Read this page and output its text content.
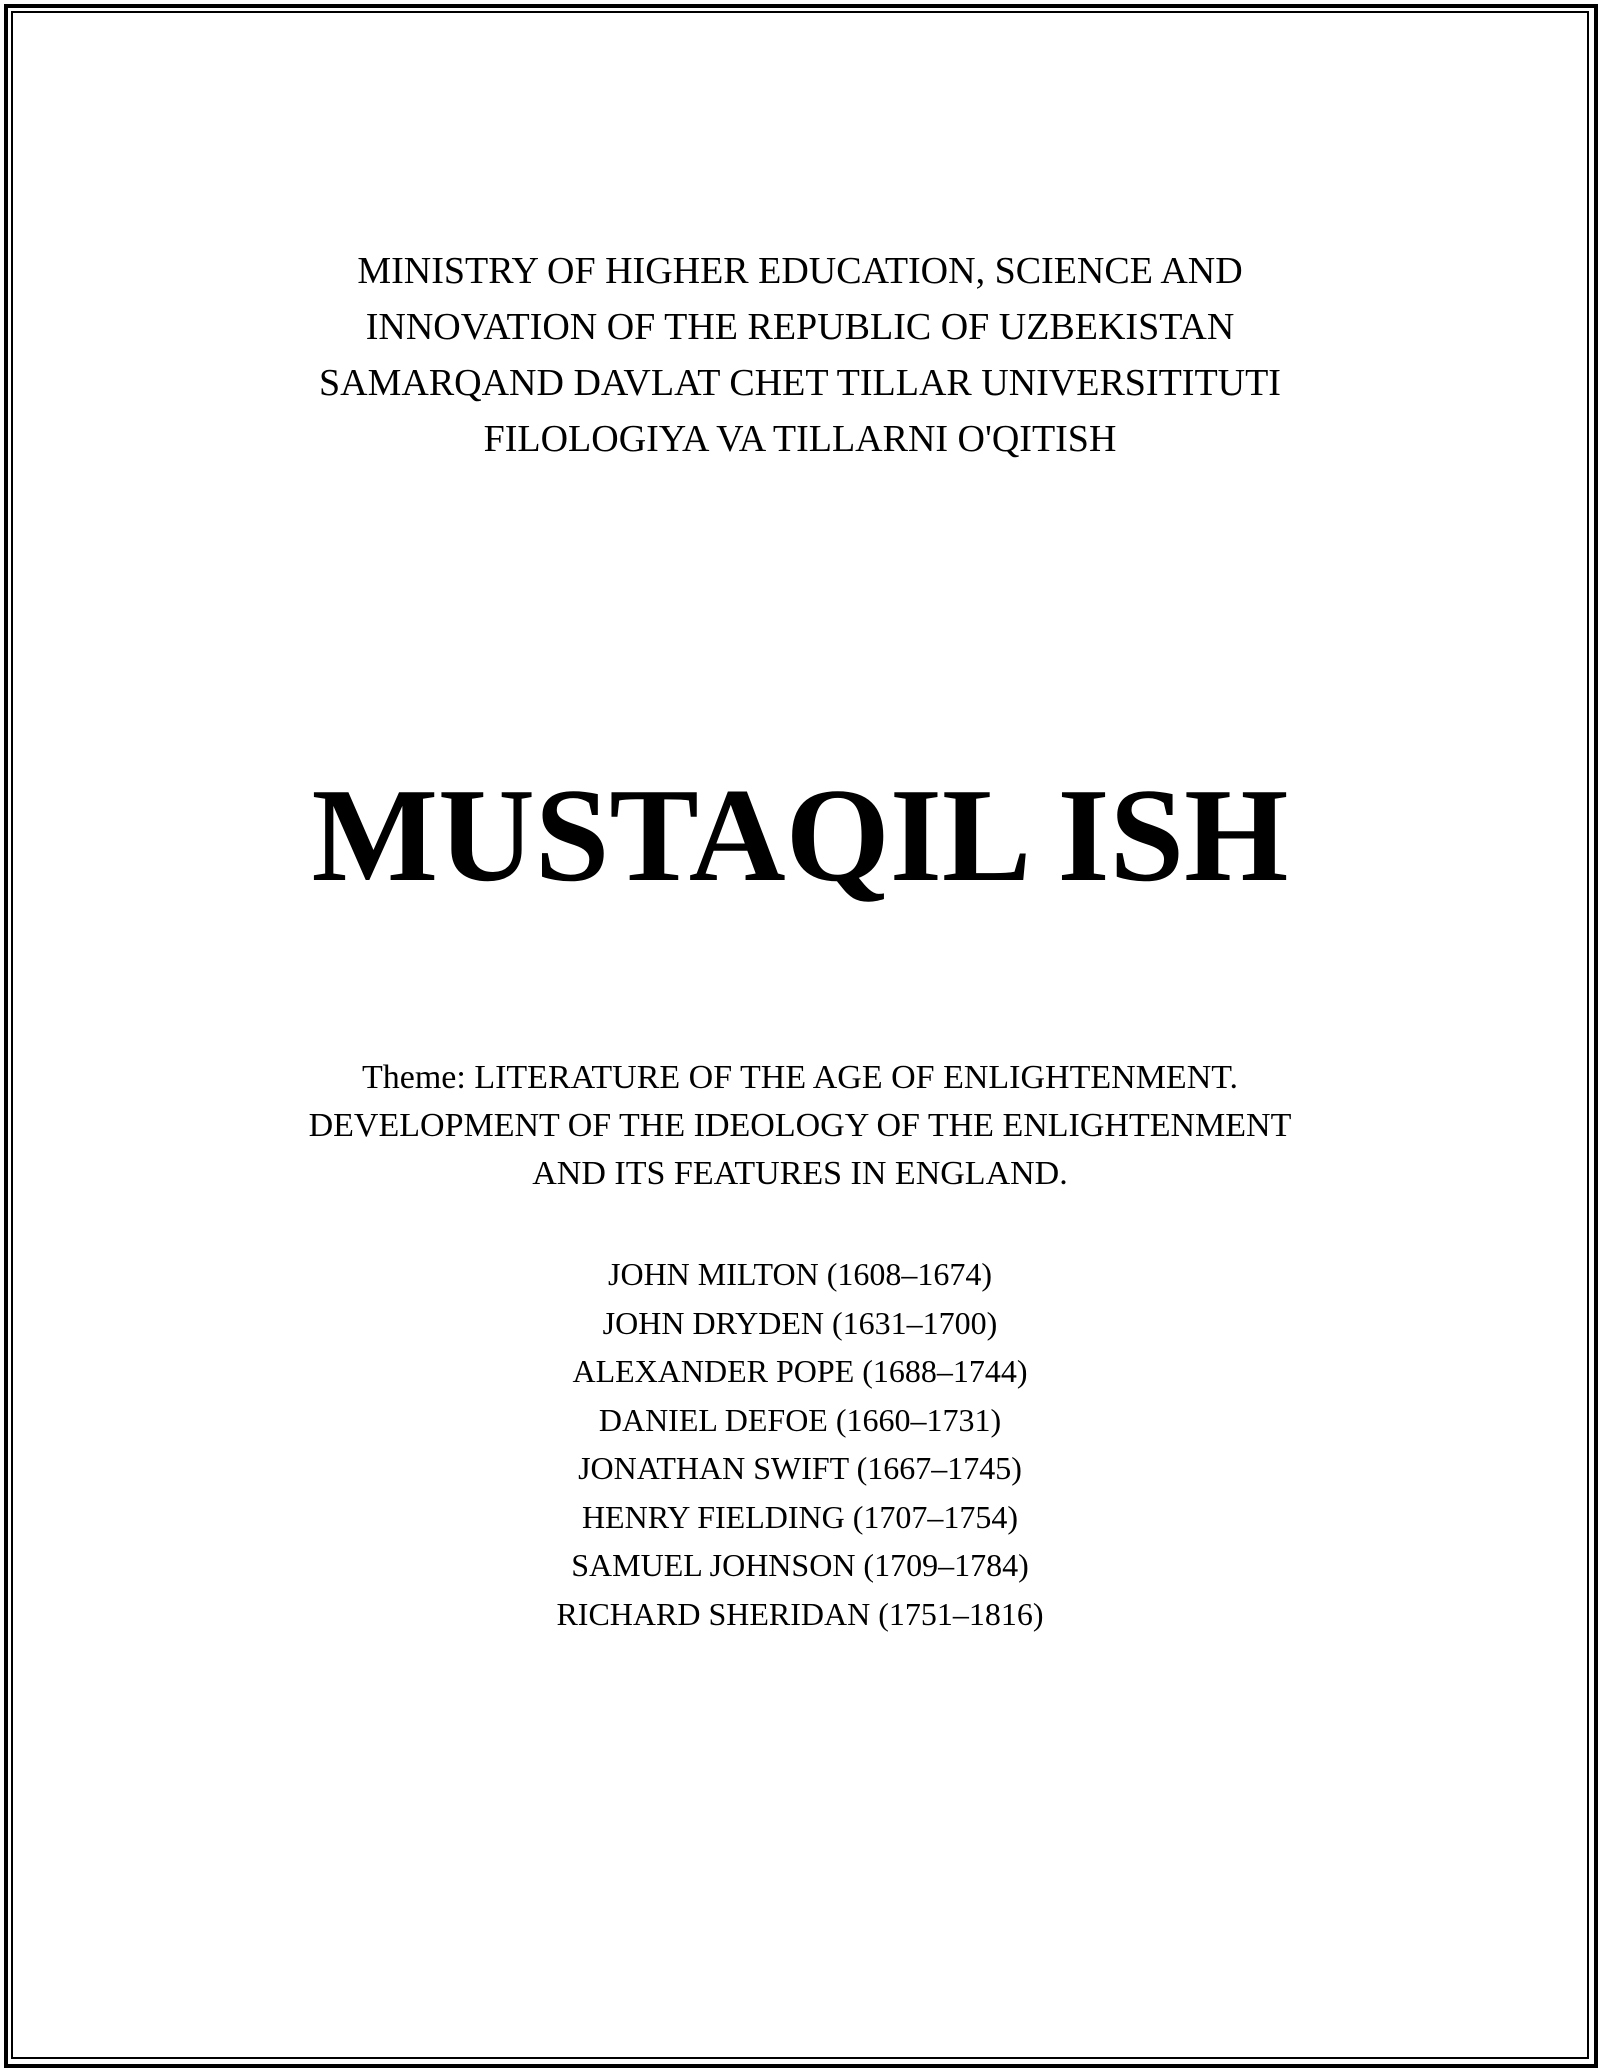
MINISTRY OF HIGHER EDUCATION, SCIENCE AND
INNOVATION OF THE REPUBLIC OF UZBEKISTAN
SAMARQAND DAVLAT CHET TILLAR UNIVERSITITUTI
FILOLOGIYA VA TILLARNI O'QITISH
MUSTAQIL ISH
Theme: LITERATURE OF THE AGE OF ENLIGHTENMENT.
DEVELOPMENT OF THE IDEOLOGY OF THE ENLIGHTENMENT
AND ITS FEATURES IN ENGLAND.
JOHN MILTON (1608–1674)
JOHN DRYDEN (1631–1700)
ALEXANDER POPE (1688–1744)
DANIEL DEFOE (1660–1731)
JONATHAN SWIFT (1667–1745)
HENRY FIELDING (1707–1754)
SAMUEL JOHNSON (1709–1784)
RICHARD SHERIDAN (1751–1816)
